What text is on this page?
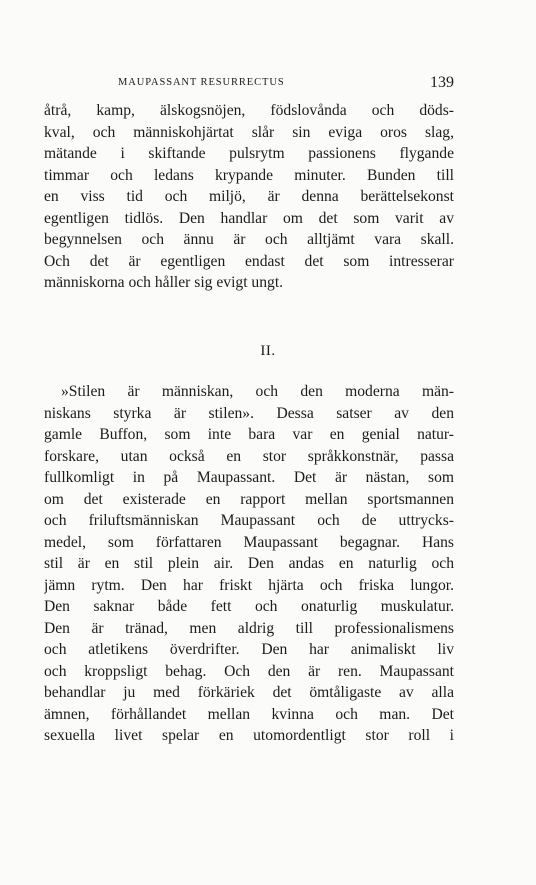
MAUPASSANT RESURRECTUS	139
åtrå, kamp, älskogsnöjen, födslovånda och döds-
kval, och människohjärtat slår sin eviga oros slag,
mätande i skiftande pulsrytm passionens flygande
timmar och ledans krypande minuter. Bunden till
en viss tid och miljö, är denna berättelsekonst
egentligen tidlös. Den handlar om det som varit av
begynnelsen och ännu är och alltjämt vara skall.
Och det är egentligen endast det som intresserar
människorna och håller sig evigt ungt.
II.
»Stilen är människan, och den moderna män-
niskans styrka är stilen». Dessa satser av den
gamle Buffon, som inte bara var en genial natur-
forskare, utan också en stor språkkonstnär, passa
fullkomligt in på Maupassant. Det är nästan, som
om det existerade en rapport mellan sportsmannen
och friluftsmänniskan Maupassant och de uttrycks-
medel, som författaren Maupassant begagnar. Hans
stil är en stil plein air. Den andas en naturlig och
jämn rytm. Den har friskt hjärta och friska lungor.
Den saknar både fett och onaturlig muskulatur.
Den är tränad, men aldrig till professionalismens
och atletikens överdrifter. Den har animaliskt liv
och kroppsligt behag. Och den är ren. Maupassant
behandlar ju med förkäriek det ömtåligaste av alla
ämnen, förhållandet mellan kvinna och man. Det
sexuella livet spelar en utomordentligt stor roll i
